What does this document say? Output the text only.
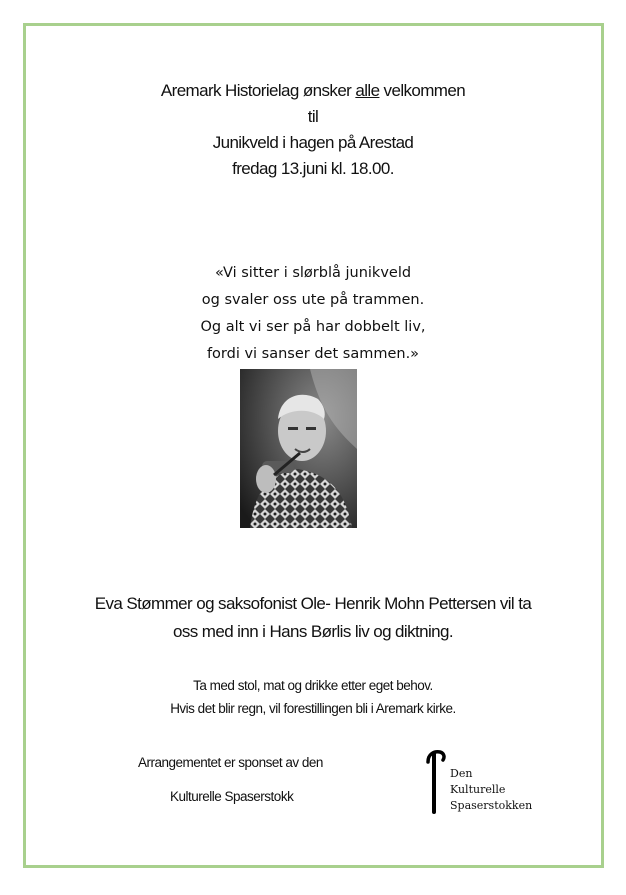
Aremark Historielag ønsker alle velkommen
til
Junikveld i hagen på Arestad
fredag 13.juni kl. 18.00.
«Vi sitter i slørblå junikveld
og svaler oss ute på trammen.
Og alt vi ser på har dobbelt liv,
fordi vi sanser det sammen.»
Eva Stømmer og saksofonist Ole- Henrik Mohn Pettersen vil ta
oss med inn i Hans Børlis liv og diktning.
Ta med stol, mat og drikke etter eget behov.
Hvis det blir regn, vil forestillingen bli i Aremark kirke.
Arrangementet er sponset av den
Kulturelle Spaserstokk
Den
Kulturelle
Spaserstokken
